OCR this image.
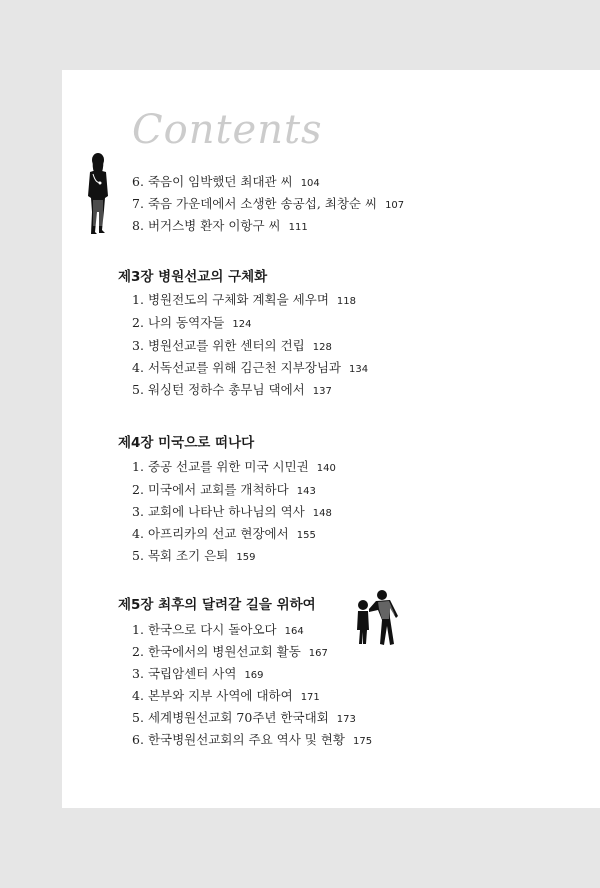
Contents
6. 죽음이 임박했던 최대관 씨 104
7. 죽음 가운데에서 소생한 송공섭, 최창순 씨 107
8. 버거스병 환자 이항구 씨 111
제3장 병원선교의 구체화
1. 병원전도의 구체화 계획을 세우며 118
2. 나의 동역자들 124
3. 병원선교를 위한 센터의 건립 128
4. 서독선교를 위해 김근천 지부장님과 134
5. 워싱턴 정하수 총무님 댁에서 137
제4장 미국으로 떠나다
1. 중공 선교를 위한 미국 시민권 140
2. 미국에서 교회를 개척하다 143
3. 교회에 나타난 하나님의 역사 148
4. 아프리카의 선교 현장에서 155
5. 목회 조기 은퇴 159
제5장 최후의 달려갈 길을 위하여
1. 한국으로 다시 돌아오다 164
2. 한국에서의 병원선교회 활동 167
3. 국립암센터 사역 169
4. 본부와 지부 사역에 대하여 171
5. 세계병원선교회 70주년 한국대회 173
6. 한국병원선교회의 주요 역사 및 현황 175
